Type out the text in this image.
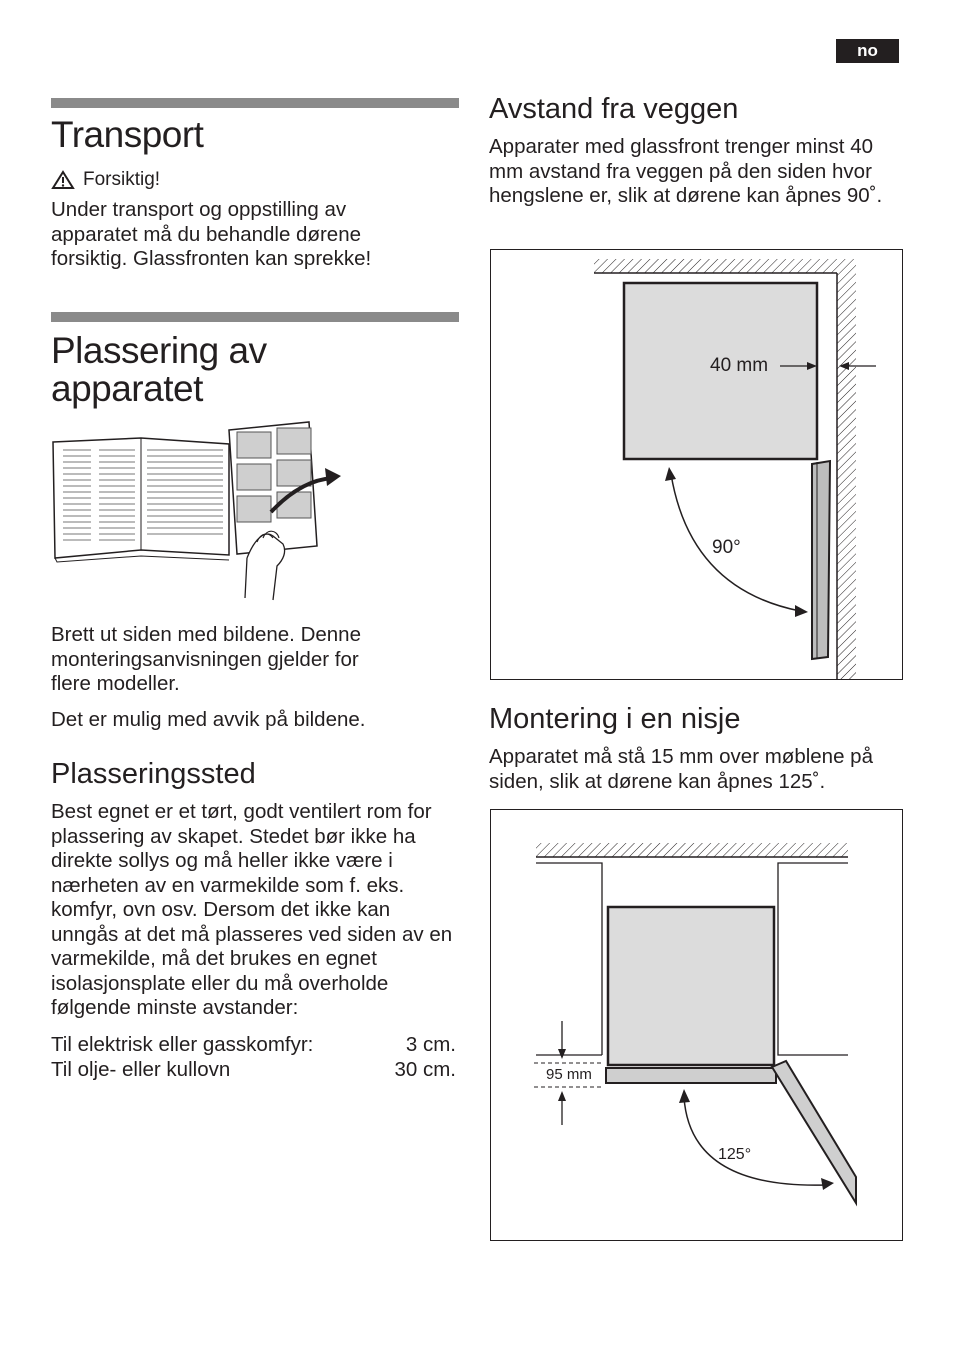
no
Transport
Forsiktig!
Under transport og oppstilling av apparatet må du behandle dørene forsiktig. Glassfronten kan sprekke!
Plassering av
apparatet
Brett ut siden med bildene. Denne monteringsanvisningen gjelder for flere modeller.
Det er mulig med avvik på bildene.
Plasseringssted
Best egnet er et tørt, godt ventilert rom for plassering av skapet. Stedet bør ikke ha direkte sollys og må heller ikke være i nærheten av en varmekilde som f. eks. komfyr, ovn osv. Dersom det ikke kan unngås at det må plasseres ved siden av en varmekilde, må det brukes en egnet isolasjonsplate eller du må overholde følgende minste avstander:
Til elektrisk eller gasskomfyr:	3 cm.
Til olje- eller kullovn	30 cm.
Avstand fra veggen
Apparater med glassfront trenger minst 40 mm avstand fra veggen på den siden hvor hengslene er, slik at dørene kan åpnes 90˚.
40 mm
90°
Montering i en nisje
Apparatet må stå 15 mm over møblene på siden, slik at dørene kan åpnes 125˚.
95 mm
125°
